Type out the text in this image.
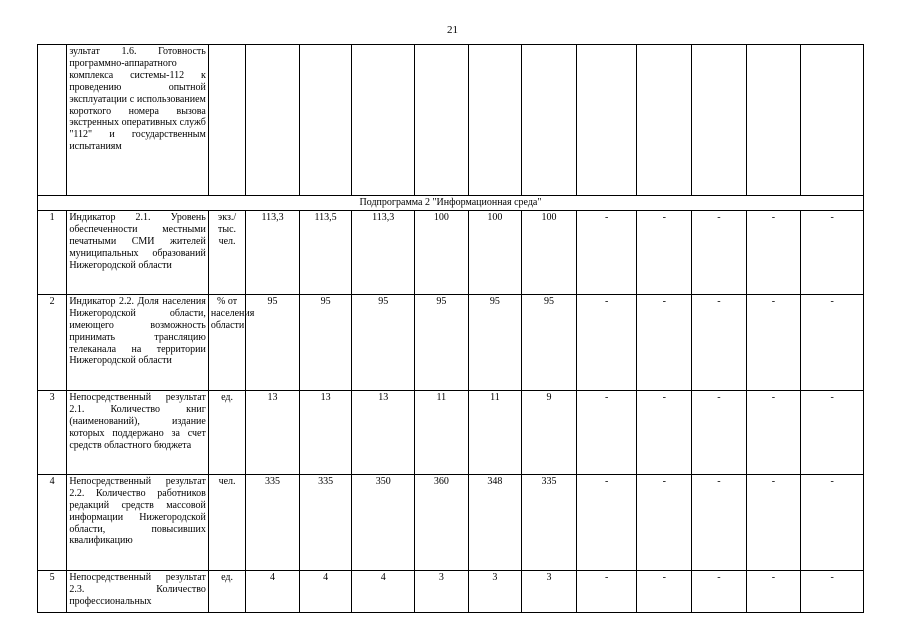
21
	зультат 1.6. Готовность программно-аппаратного комплекса системы-112 к проведению опытной эксплуатации с использованием короткого номера вызова экстренных оперативных служб "112" и государственным испытаниям												
Подпрограмма 2 "Информационная среда"													
1	Индикатор 2.1. Уровень обеспеченности местными печатными СМИ жителей муниципальных образований Нижегородской области	экз./тыс. чел.	113,3	113,5	113,3	100	100	100	-	-	-	-	-
2	Индикатор 2.2. Доля населения Нижегородской области, имеющего возможность принимать трансляцию телеканала на территории Нижегородской области	% от населения области	95	95	95	95	95	95	-	-	-	-	-
3	Непосредственный результат 2.1. Количество книг (наименований), издание которых поддержано за счет средств областного бюджета	ед.	13	13	13	11	11	9	-	-	-	-	-
4	Непосредственный результат 2.2. Количество работников редакций средств массовой информации Нижегородской области, повысивших квалификацию	чел.	335	335	350	360	348	335	-	-	-	-	-
5	Непосредственный результат 2.3. Количество профессиональных	ед.	4	4	4	3	3	3	-	-	-	-	-
